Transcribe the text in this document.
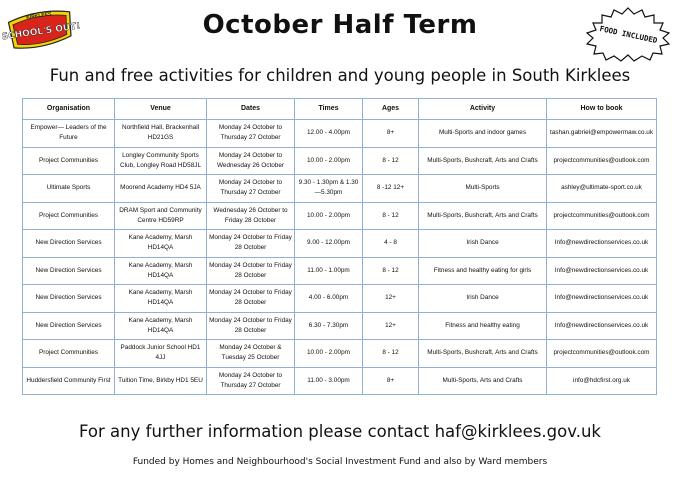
KIRKLEES
SCHOOL'S OUT!	October Half Term	FOOD INCLUDED
Fun and free activities for children and young people in South Kirklees
Organisation	Venue	Dates	Times	Ages	Activity	How to book
Empower— Leaders of the Future	Northfield Hall, Brackenhall HD21GS	Monday 24 October to Thursday 27 October	12.00 - 4.00pm	8+	Multi-Sports and indoor games	tashan.gabriel@empowermaw.co.uk
Project Communities	Longley Community Sports Club, Longley Road HD58JL	Monday 24 October to Wednesday 26 October	10.00 - 2.00pm	8 - 12	Multi-Sports, Bushcraft, Arts and Crafts	projectcommunities@outlook.com
Ultimate Sports	Moorend Academy HD4 5JA	Monday 24 October to Thursday 27 October	9.30 - 1.30pm & 1.30—5.30pm	8 -12 12+	Multi-Sports	ashley@ultimate-sport.co.uk
Project Communities	DRAM Sport and Community Centre HD59RP	Wednesday 26 October to Friday 28 October	10.00 - 2.00pm	8 - 12	Multi-Sports, Bushcraft, Arts and Crafts	projectcommunities@outlook.com
New Direction Services	Kane Academy, Marsh HD14QA	Monday 24 October to Friday 28 October	9.00 - 12.00pm	4 - 8	Irish Dance	Info@newdirectionservices.co.uk
New Direction Services	Kane Academy, Marsh HD14QA	Monday 24 October to Friday 28 October	11.00 - 1.00pm	8 - 12	Fitness and healthy eating for girls	Info@newdirectionservices.co.uk
New Direction Services	Kane Academy, Marsh HD14QA	Monday 24 October to Friday 28 October	4.00 - 6.00pm	12+	Irish Dance	Info@newdirectionservices.co.uk
New Direction Services	Kane Academy, Marsh HD14QA	Monday 24 October to Friday 28 October	6.30 - 7.30pm	12+	Fitness and healthy eating	Info@newdirectionservices.co.uk
Project Communities	Paddock Junior School HD1 4JJ	Monday 24 October & Tuesday 25 October	10.00 - 2.00pm	8 - 12	Multi-Sports, Bushcraft, Arts and Crafts	projectcommunities@outlook.com
Huddersfield Community First	Tuition Time, Birkby HD1 5EU	Monday 24 October to Thursday 27 October	11.00 - 3.00pm	8+	Multi-Sports, Arts and Crafts	info@hdcfirst.org.uk
For any further information please contact haf@kirklees.gov.uk
Funded by Homes and Neighbourhood's Social Investment Fund and also by Ward members
